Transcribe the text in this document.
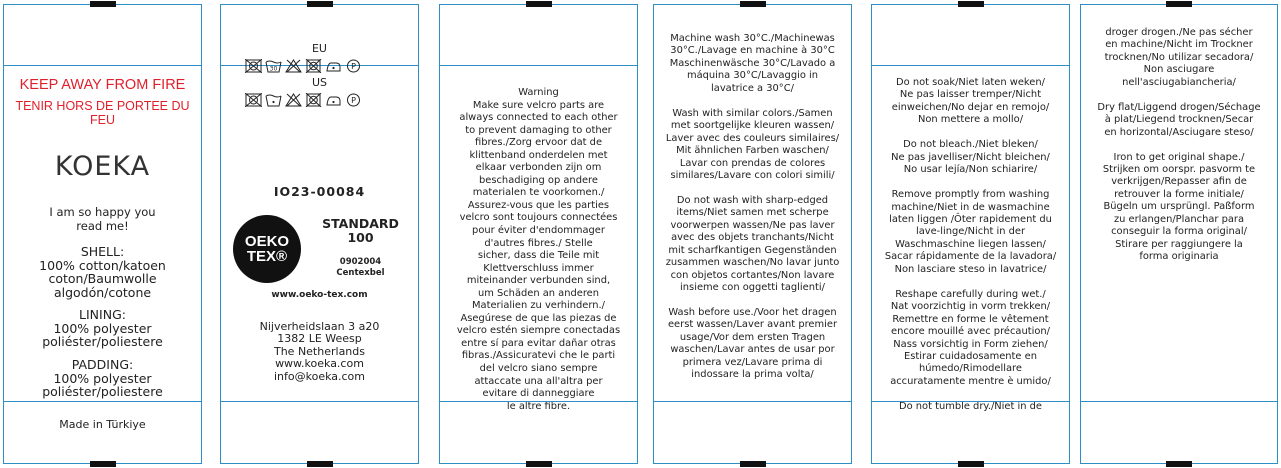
KEEP AWAY FROM FIRE
TENIR HORS DE PORTEE DU FEU

KOEKA

I am so happy you
read me!
SHELL:
100% cotton/katoen
coton/Baumwolle
algodón/cotone
LINING:
100% polyester
poliéster/poliestere
PADDING:
100% polyester
poliéster/poliestere
Made in Türkiye
EU
30	P
US
P
IO23-00084
OEKO
TEX®
STANDARD
100
0902004
Centexbel
www.oeko-tex.com
Nijverheidslaan 3 a20
1382 LE Weesp
The Netherlands
www.koeka.com
info@koeka.com
Warning
Make sure velcro parts are
always connected to each other
to prevent damaging to other
fibres./Zorg ervoor dat de
klittenband onderdelen met
elkaar verbonden zijn om
beschadiging op andere
materialen te voorkomen./
Assurez-vous que les parties
velcro sont toujours connectées
pour éviter d'endommager
d'autres fibres./ Stelle
sicher, dass die Teile mit
Klettverschluss immer
miteinander verbunden sind,
um Schäden an anderen
Materialien zu verhindern./
Asegúrese de que las piezas de
velcro estén siempre conectadas
entre sí para evitar dañar otras
fibras./Assicuratevi che le parti
del velcro siano sempre
attaccate una all'altra per
evitare di danneggiare
le altre fibre.
Machine wash 30°C./Machinewas
30°C./Lavage en machine à 30°C
Maschinenwäsche 30°C/Lavado a
máquina 30°C/Lavaggio in
lavatrice a 30°C/

Wash with similar colors./Samen
met soortgelijke kleuren wassen/
Laver avec des couleurs similaires/
Mit ähnlichen Farben waschen/
Lavar con prendas de colores
similares/Lavare con colori simili/

Do not wash with sharp-edged
items/Niet samen met scherpe
voorwerpen wassen/Ne pas laver
avec des objets tranchants/Nicht
mit scharfkantigen Gegenständen
zusammen waschen/No lavar junto
con objetos cortantes/Non lavare
insieme con oggetti taglienti/

Wash before use./Voor het dragen
eerst wassen/Laver avant premier
usage/Vor dem ersten Tragen
waschen/Lavar antes de usar por
primera vez/Lavare prima di
indossare la prima volta/
Do not soak/Niet laten weken/
Ne pas laisser tremper/Nicht
einweichen/No dejar en remojo/
Non mettere a mollo/

Do not bleach./Niet bleken/
Ne pas javelliser/Nicht bleichen/
No usar lejía/Non schiarire/

Remove promptly from washing
machine/Niet in de wasmachine
laten liggen /Ôter rapidement du
lave-linge/Nicht in der
Waschmaschine liegen lassen/
Sacar rápidamente de la lavadora/
Non lasciare steso in lavatrice/

Reshape carefully during wet./
Nat voorzichtig in vorm trekken/
Remettre en forme le vêtement
encore mouillé avec précaution/
Nass vorsichtig in Form ziehen/
Estirar cuidadosamente en
húmedo/Rimodellare
accuratamente mentre è umido/

Do not tumble dry./Niet in de
droger drogen./Ne pas sécher
en machine/Nicht im Trockner
trocknen/No utilizar secadora/
Non asciugare
nell'asciugabiancheria/

Dry flat/Liggend drogen/Séchage
à plat/Liegend trocknen/Secar
en horizontal/Asciugare steso/

Iron to get original shape./
Strijken om oorspr. pasvorm te
verkrijgen/Repasser afin de
retrouver la forme initiale/
Bügeln um ursprüngl. Paßform
zu erlangen/Planchar para
conseguir la forma original/
Stirare per raggiungere la
forma originaria
